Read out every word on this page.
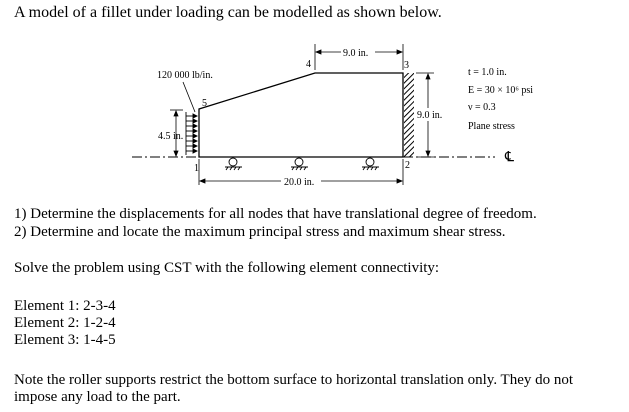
A model of a fillet under loading can be modelled as shown below.
℄
120 000 lb/in.
4.5 in.
9.0 in.
9.0 in.
20.0 in.
1	2
3
4
5
t = 1.0 in.
E = 30 × 10⁶ psi
ν = 0.3
Plane stress
1) Determine the displacements for all nodes that have translational degree of freedom.
2) Determine and locate the maximum principal stress and maximum shear stress.
Solve the problem using CST with the following element connectivity:
Element 1: 2-3-4
Element 2: 1-2-4
Element 3: 1-4-5
Note the roller supports restrict the bottom surface to horizontal translation only. They do not
impose any load to the part.
